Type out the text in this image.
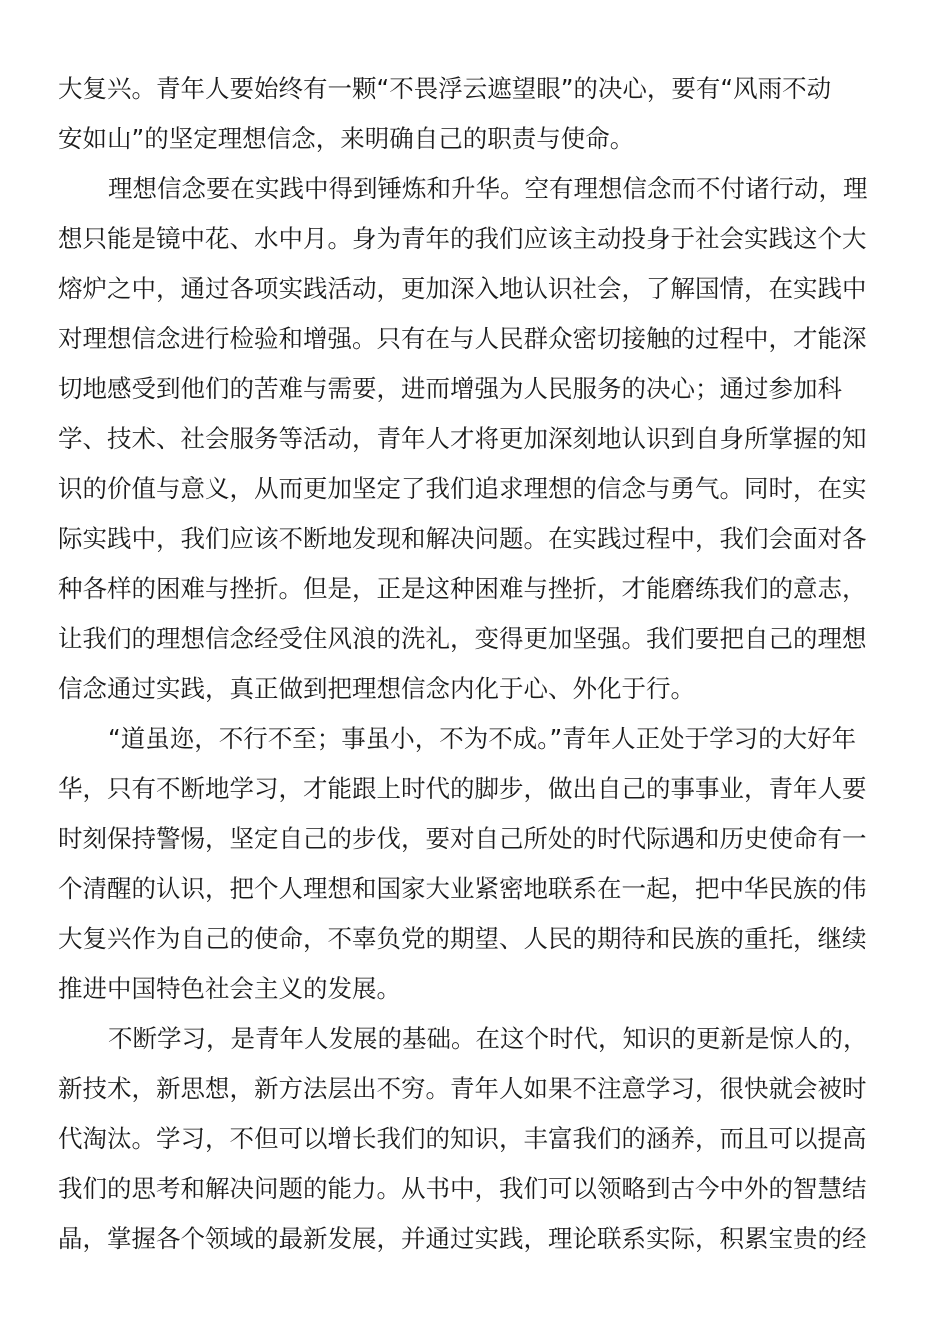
大复兴。青年人要始终有一颗“不畏浮云遮望眼”的决心，要有“风雨不动
安如山”的坚定理想信念，来明确自己的职责与使命。
理想信念要在实践中得到锤炼和升华。空有理想信念而不付诸行动，理
想只能是镜中花、水中月。身为青年的我们应该主动投身于社会实践这个大
熔炉之中，通过各项实践活动，更加深入地认识社会，了解国情，在实践中
对理想信念进行检验和增强。只有在与人民群众密切接触的过程中，才能深
切地感受到他们的苦难与需要，进而增强为人民服务的决心；通过参加科
学、技术、社会服务等活动，青年人才将更加深刻地认识到自身所掌握的知
识的价值与意义，从而更加坚定了我们追求理想的信念与勇气。同时，在实
际实践中，我们应该不断地发现和解决问题。在实践过程中，我们会面对各
种各样的困难与挫折。但是，正是这种困难与挫折，才能磨练我们的意志，
让我们的理想信念经受住风浪的洗礼，变得更加坚强。我们要把自己的理想
信念通过实践，真正做到把理想信念内化于心、外化于行。
“道虽迩，不行不至；事虽小，不为不成。”青年人正处于学习的大好年
华，只有不断地学习，才能跟上时代的脚步，做出自己的事事业，青年人要
时刻保持警惕，坚定自己的步伐，要对自己所处的时代际遇和历史使命有一
个清醒的认识，把个人理想和国家大业紧密地联系在一起，把中华民族的伟
大复兴作为自己的使命，不辜负党的期望、人民的期待和民族的重托，继续
推进中国特色社会主义的发展。
不断学习，是青年人发展的基础。在这个时代，知识的更新是惊人的，
新技术，新思想，新方法层出不穷。青年人如果不注意学习，很快就会被时
代淘汰。学习，不但可以增长我们的知识，丰富我们的涵养，而且可以提高
我们的思考和解决问题的能力。从书中，我们可以领略到古今中外的智慧结
晶，掌握各个领域的最新发展，并通过实践，理论联系实际，积累宝贵的经
